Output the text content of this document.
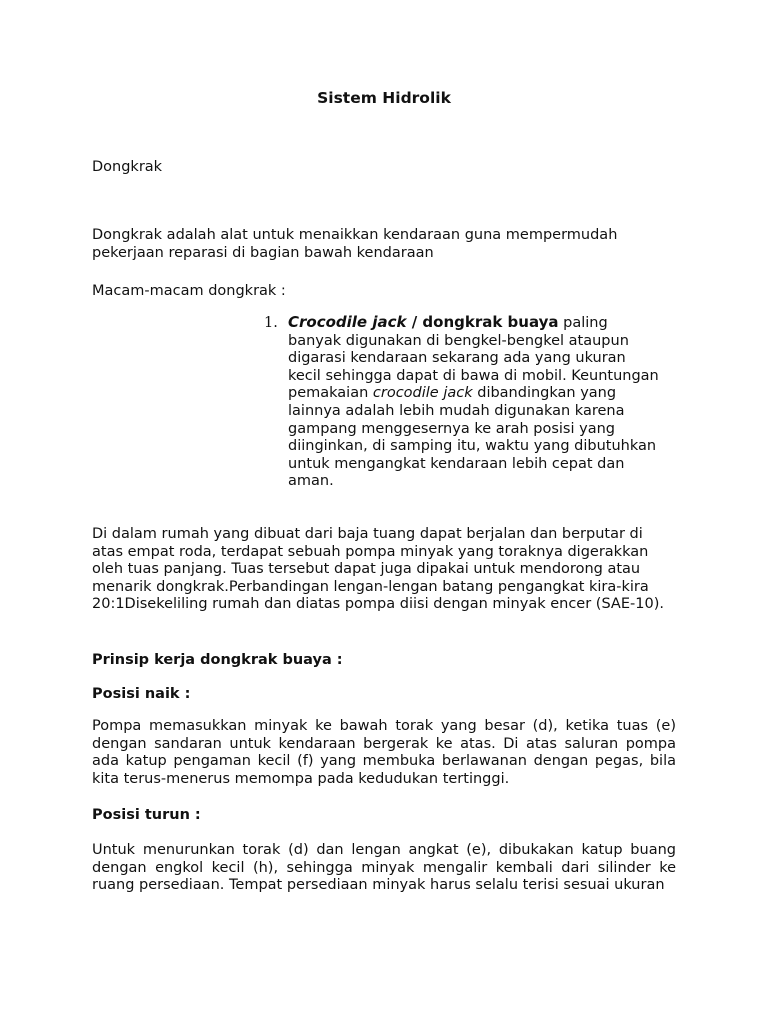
Sistem Hidrolik

Dongkrak

Dongkrak adalah alat untuk menaikkan kendaraan guna mempermudah pekerjaan reparasi di bagian bawah kendaraan

Macam-macam dongkrak :

1. Crocodile jack / dongkrak buaya paling banyak digunakan di bengkel-bengkel ataupun digarasi kendaraan sekarang ada yang ukuran kecil sehingga dapat di bawa di mobil. Keuntungan pemakaian crocodile jack dibandingkan yang lainnya adalah lebih mudah digunakan karena gampang menggesernya ke arah posisi yang diinginkan, di samping itu, waktu yang dibutuhkan untuk mengangkat kendaraan lebih cepat dan aman.

Di dalam rumah yang dibuat dari baja tuang dapat berjalan dan berputar di atas empat roda, terdapat sebuah pompa minyak yang toraknya digerakkan oleh tuas panjang. Tuas tersebut dapat juga dipakai untuk mendorong atau menarik dongkrak.Perbandingan lengan-lengan batang pengangkat kira-kira 20:1Disekeliling rumah dan diatas pompa diisi dengan minyak encer (SAE-10).

Prinsip kerja dongkrak buaya :

Posisi naik :

Pompa memasukkan minyak ke bawah torak yang besar (d), ketika tuas (e) dengan sandaran untuk kendaraan bergerak ke atas. Di atas saluran pompa ada katup pengaman kecil (f) yang membuka berlawanan dengan pegas, bila kita terus-menerus memompa pada kedudukan tertinggi.

Posisi turun :

Untuk menurunkan torak (d) dan lengan angkat (e), dibukakan katup buang dengan engkol kecil (h), sehingga minyak mengalir kembali dari silinder ke ruang persediaan. Tempat persediaan minyak harus selalu terisi sesuai ukuran
